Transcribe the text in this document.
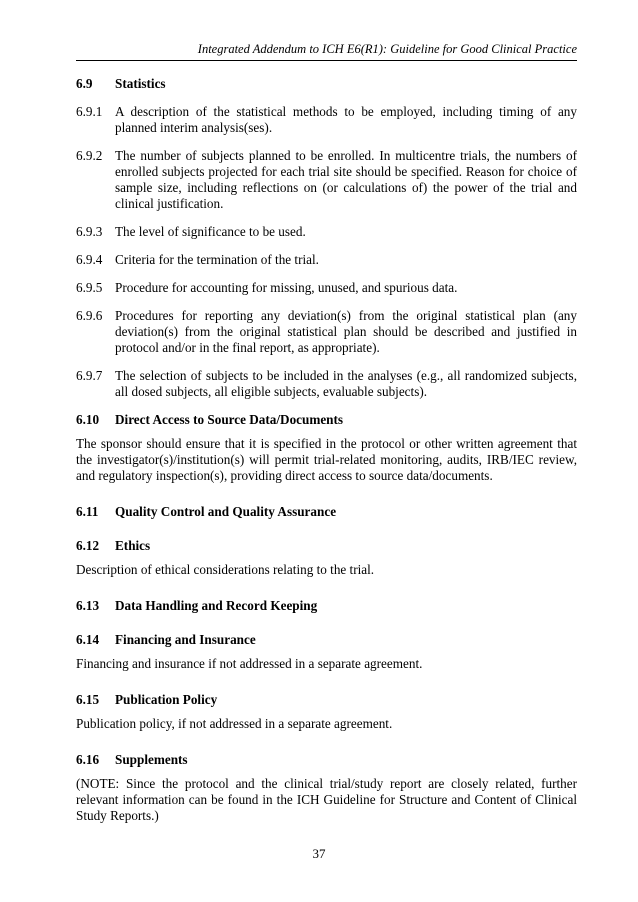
Integrated Addendum to ICH E6(R1): Guideline for Good Clinical Practice
6.9	Statistics
6.9.1 A description of the statistical methods to be employed, including timing of any planned interim analysis(ses).
6.9.2 The number of subjects planned to be enrolled. In multicentre trials, the numbers of enrolled subjects projected for each trial site should be specified. Reason for choice of sample size, including reflections on (or calculations of) the power of the trial and clinical justification.
6.9.3 The level of significance to be used.
6.9.4 Criteria for the termination of the trial.
6.9.5 Procedure for accounting for missing, unused, and spurious data.
6.9.6 Procedures for reporting any deviation(s) from the original statistical plan (any deviation(s) from the original statistical plan should be described and justified in protocol and/or in the final report, as appropriate).
6.9.7 The selection of subjects to be included in the analyses (e.g., all randomized subjects, all dosed subjects, all eligible subjects, evaluable subjects).
6.10	Direct Access to Source Data/Documents
The sponsor should ensure that it is specified in the protocol or other written agreement that the investigator(s)/institution(s) will permit trial-related monitoring, audits, IRB/IEC review, and regulatory inspection(s), providing direct access to source data/documents.
6.11	Quality Control and Quality Assurance
6.12	Ethics
Description of ethical considerations relating to the trial.
6.13	Data Handling and Record Keeping
6.14	Financing and Insurance
Financing and insurance if not addressed in a separate agreement.
6.15	Publication Policy
Publication policy, if not addressed in a separate agreement.
6.16	Supplements
(NOTE: Since the protocol and the clinical trial/study report are closely related, further relevant information can be found in the ICH Guideline for Structure and Content of Clinical Study Reports.)
37
